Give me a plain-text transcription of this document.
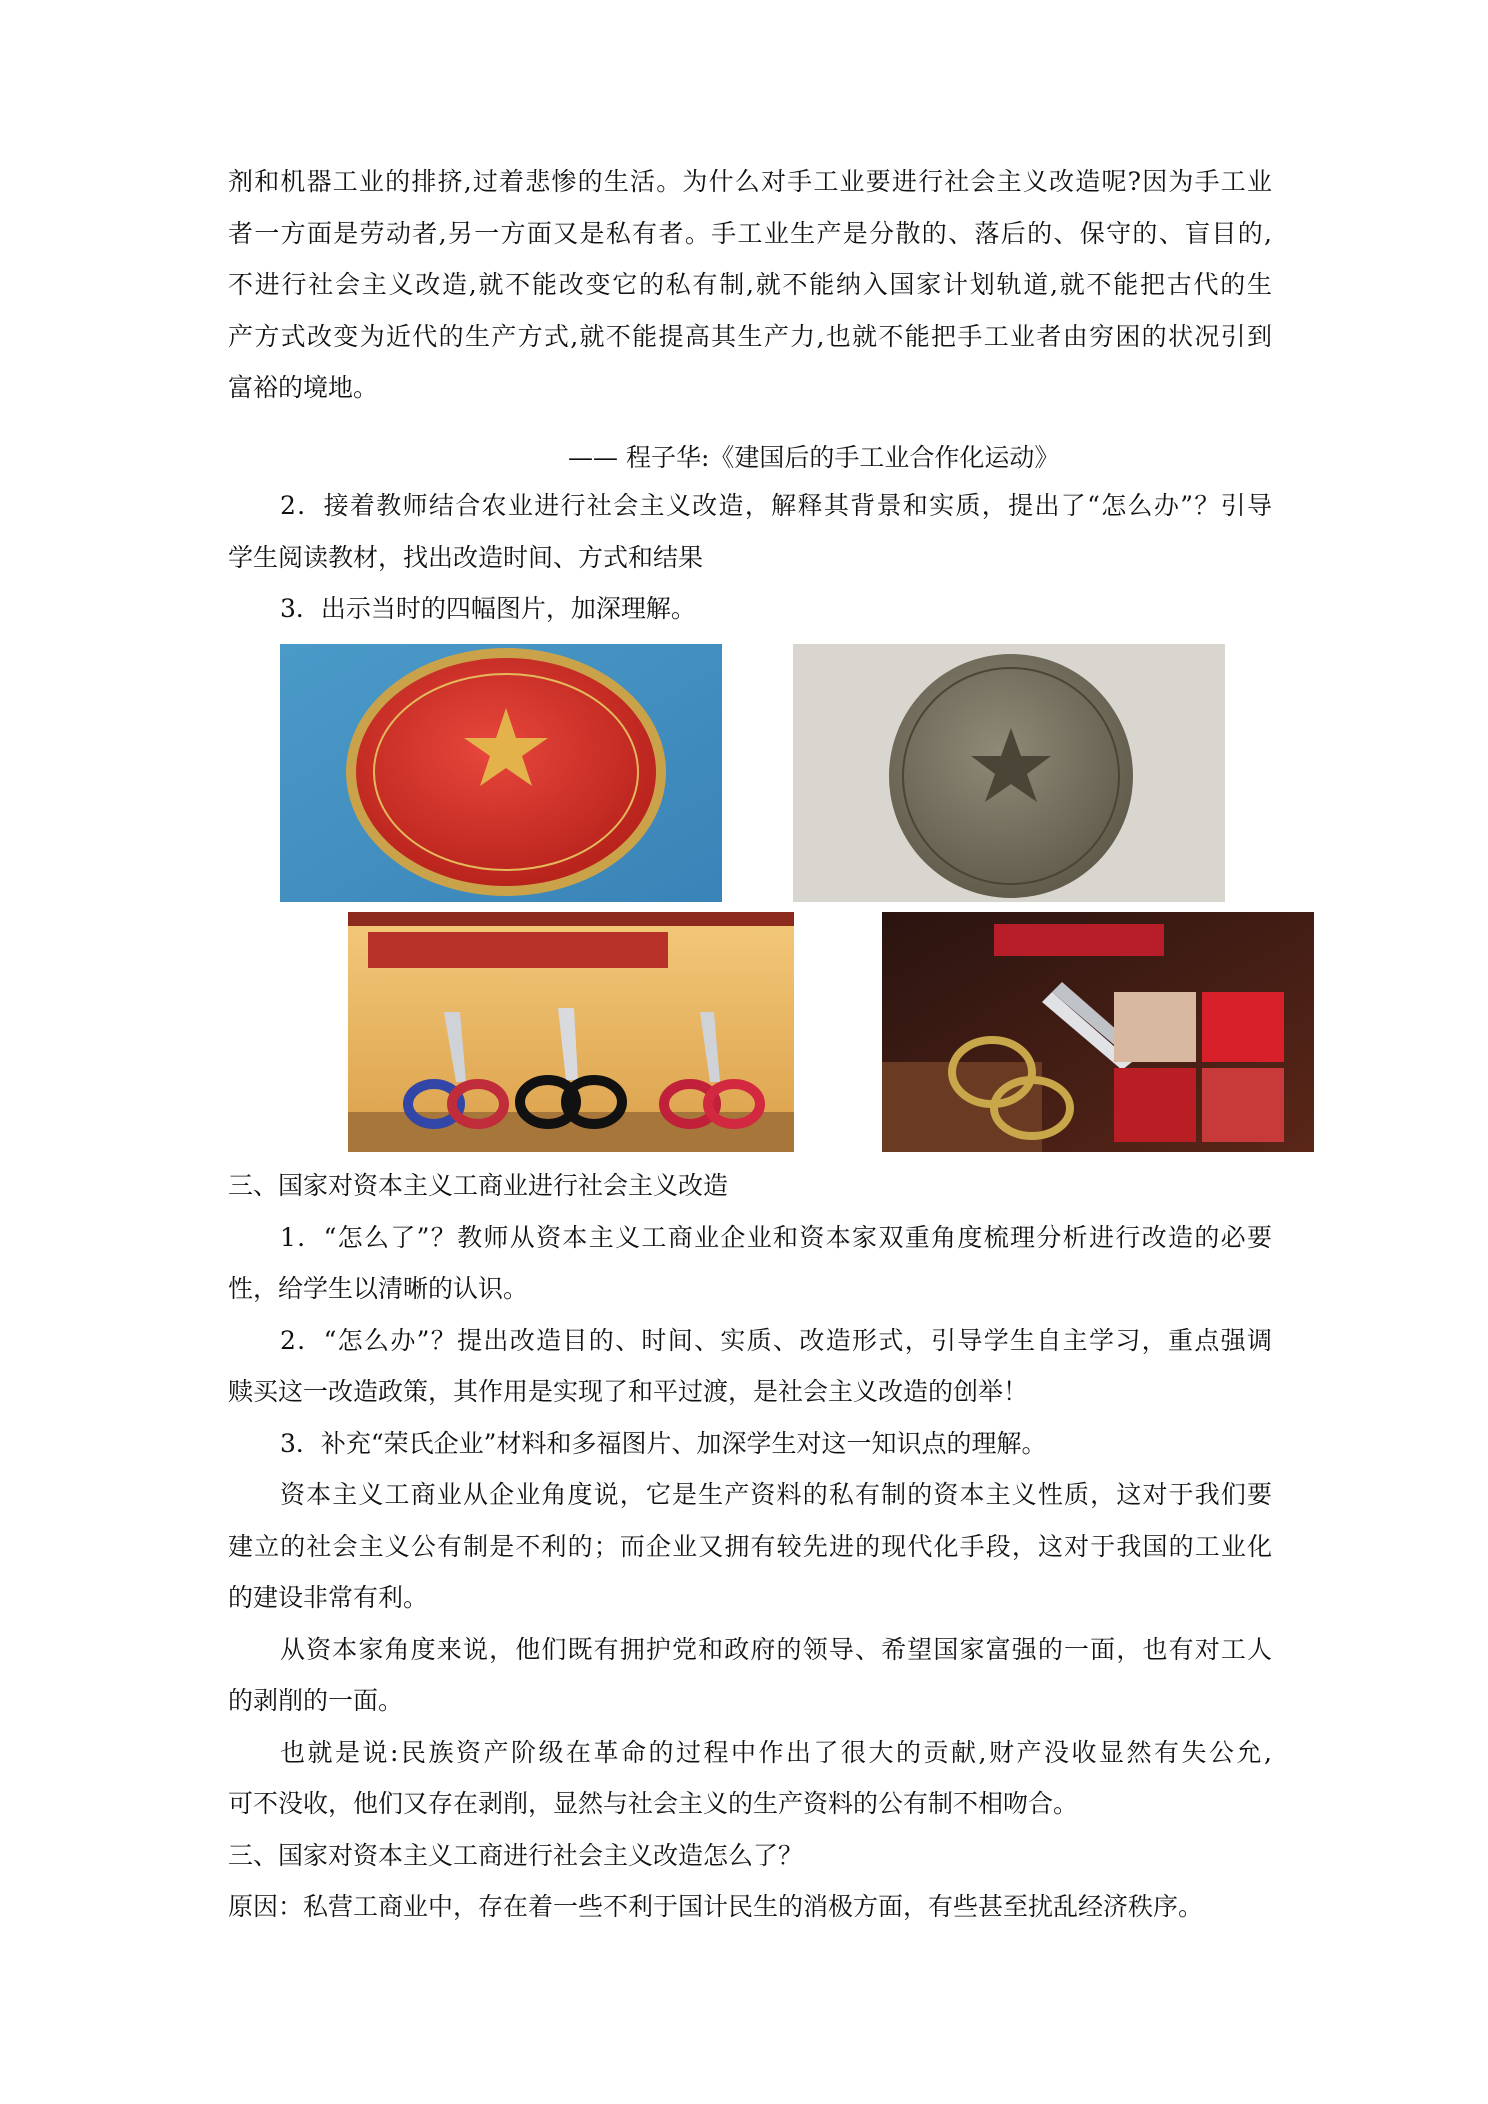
剂和机器工业的排挤,过着悲惨的生活。为什么对手工业要进行社会主义改造呢?因为手工业

者一方面是劳动者,另一方面又是私有者。手工业生产是分散的、落后的、保守的、盲目的,

不进行社会主义改造,就不能改变它的私有制,就不能纳入国家计划轨道,就不能把古代的生

产方式改变为近代的生产方式,就不能提高其生产力,也就不能把手工业者由穷困的状况引到

富裕的境地。

—— 程子华:《建国后的手工业合作化运动》

2．接着教师结合农业进行社会主义改造，解释其背景和实质，提出了“怎么办”？引导

学生阅读教材，找出改造时间、方式和结果

3．出示当时的四幅图片，加深理解。

三、国家对资本主义工商业进行社会主义改造

1．“怎么了”？教师从资本主义工商业企业和资本家双重角度梳理分析进行改造的必要

性，给学生以清晰的认识。

2．“怎么办”？提出改造目的、时间、实质、改造形式，引导学生自主学习，重点强调

赎买这一改造政策，其作用是实现了和平过渡，是社会主义改造的创举！

3．补充“荣氏企业”材料和多福图片、加深学生对这一知识点的理解。

资本主义工商业从企业角度说，它是生产资料的私有制的资本主义性质，这对于我们要

建立的社会主义公有制是不利的；而企业又拥有较先进的现代化手段，这对于我国的工业化

的建设非常有利。

从资本家角度来说，他们既有拥护党和政府的领导、希望国家富强的一面，也有对工人

的剥削的一面。

也就是说:民族资产阶级在革命的过程中作出了很大的贡献,财产没收显然有失公允,

可不没收，他们又存在剥削，显然与社会主义的生产资料的公有制不相吻合。

三、国家对资本主义工商进行社会主义改造怎么了？

原因：私营工商业中，存在着一些不利于国计民生的消极方面，有些甚至扰乱经济秩序。
